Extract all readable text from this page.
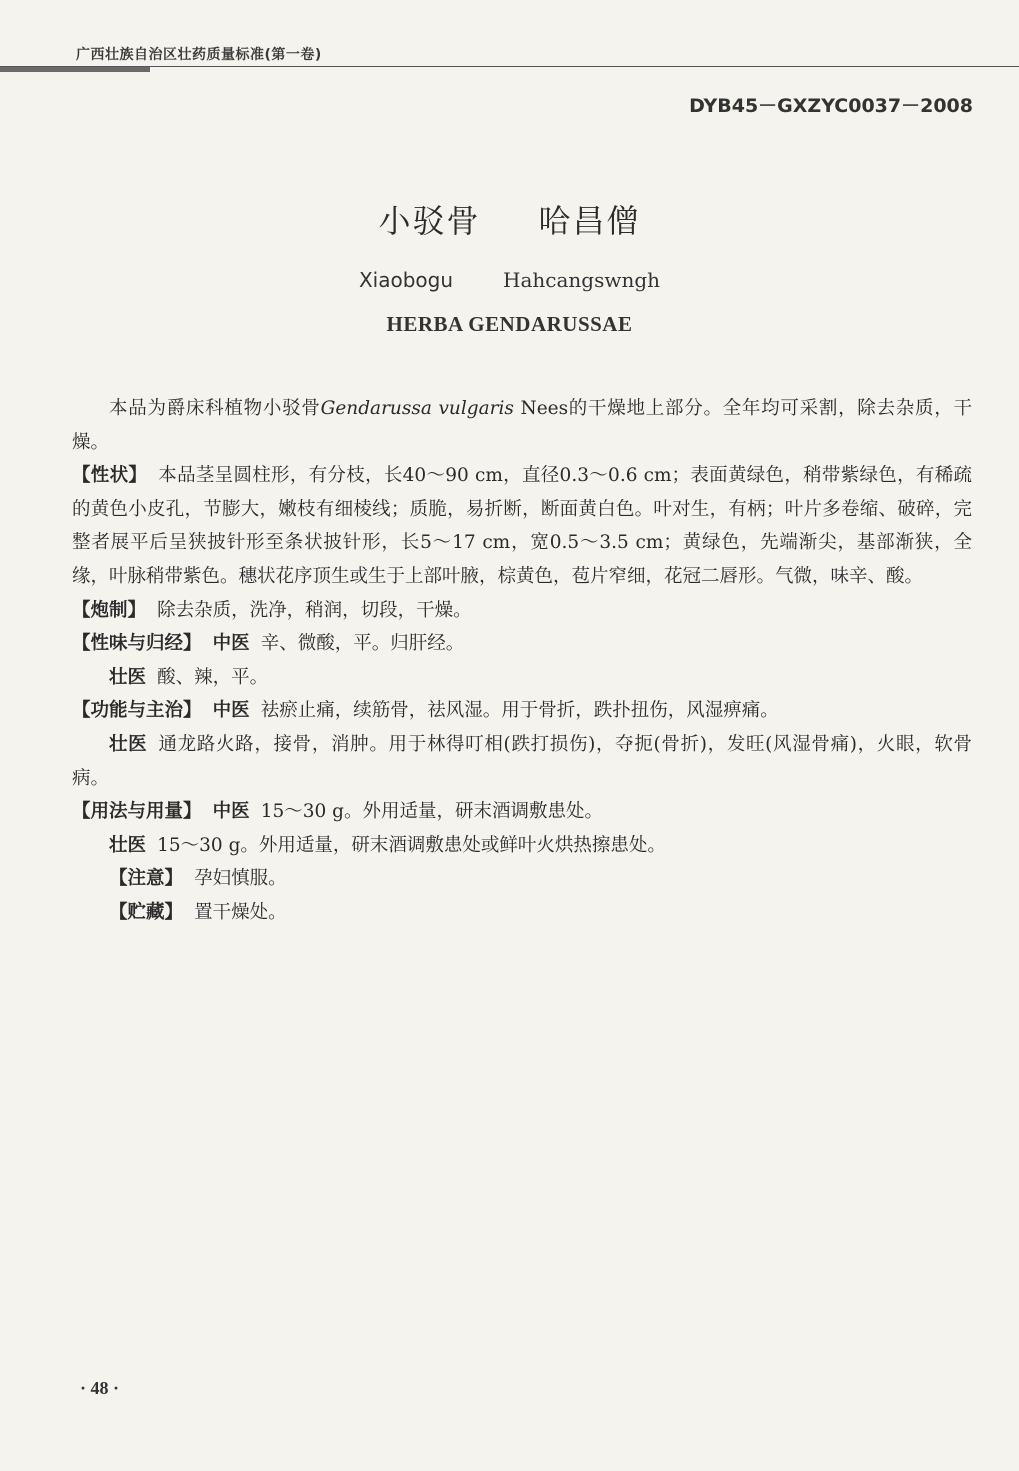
广西壮族自治区壮药质量标准(第一卷)
DYB45－GXZYC0037－2008
小驳骨 哈昌僧
Xiaobogu	Hahcangswngh
HERBA GENDARUSSAE

本品为爵床科植物小驳骨Gendarussa vulgaris Nees的干燥地上部分。全年均可采割，除去杂质，干燥。

【性状】 本品茎呈圆柱形，有分枝，长40～90 cm，直径0.3～0.6 cm；表面黄绿色，稍带紫绿色，有稀疏的黄色小皮孔，节膨大，嫩枝有细棱线；质脆，易折断，断面黄白色。叶对生，有柄；叶片多卷缩、破碎，完整者展平后呈狭披针形至条状披针形，长5～17 cm，宽0.5～3.5 cm；黄绿色，先端渐尖，基部渐狭，全缘，叶脉稍带紫色。穗状花序顶生或生于上部叶腋，棕黄色，苞片窄细，花冠二唇形。气微，味辛、酸。

【炮制】 除去杂质，洗净，稍润，切段，干燥。

【性味与归经】 中医 辛、微酸，平。归肝经。

壮医 酸、辣，平。

【功能与主治】 中医 祛瘀止痛，续筋骨，祛风湿。用于骨折，跌扑扭伤，风湿痹痛。

壮医 通龙路火路，接骨，消肿。用于林得叮相(跌打损伤)，夺扼(骨折)，发旺(风湿骨痛)，火眼，软骨病。

【用法与用量】 中医 15～30 g。外用适量，研末酒调敷患处。

壮医 15～30 g。外用适量，研末酒调敷患处或鲜叶火烘热擦患处。

【注意】 孕妇慎服。

【贮藏】 置干燥处。

· 48 ·
